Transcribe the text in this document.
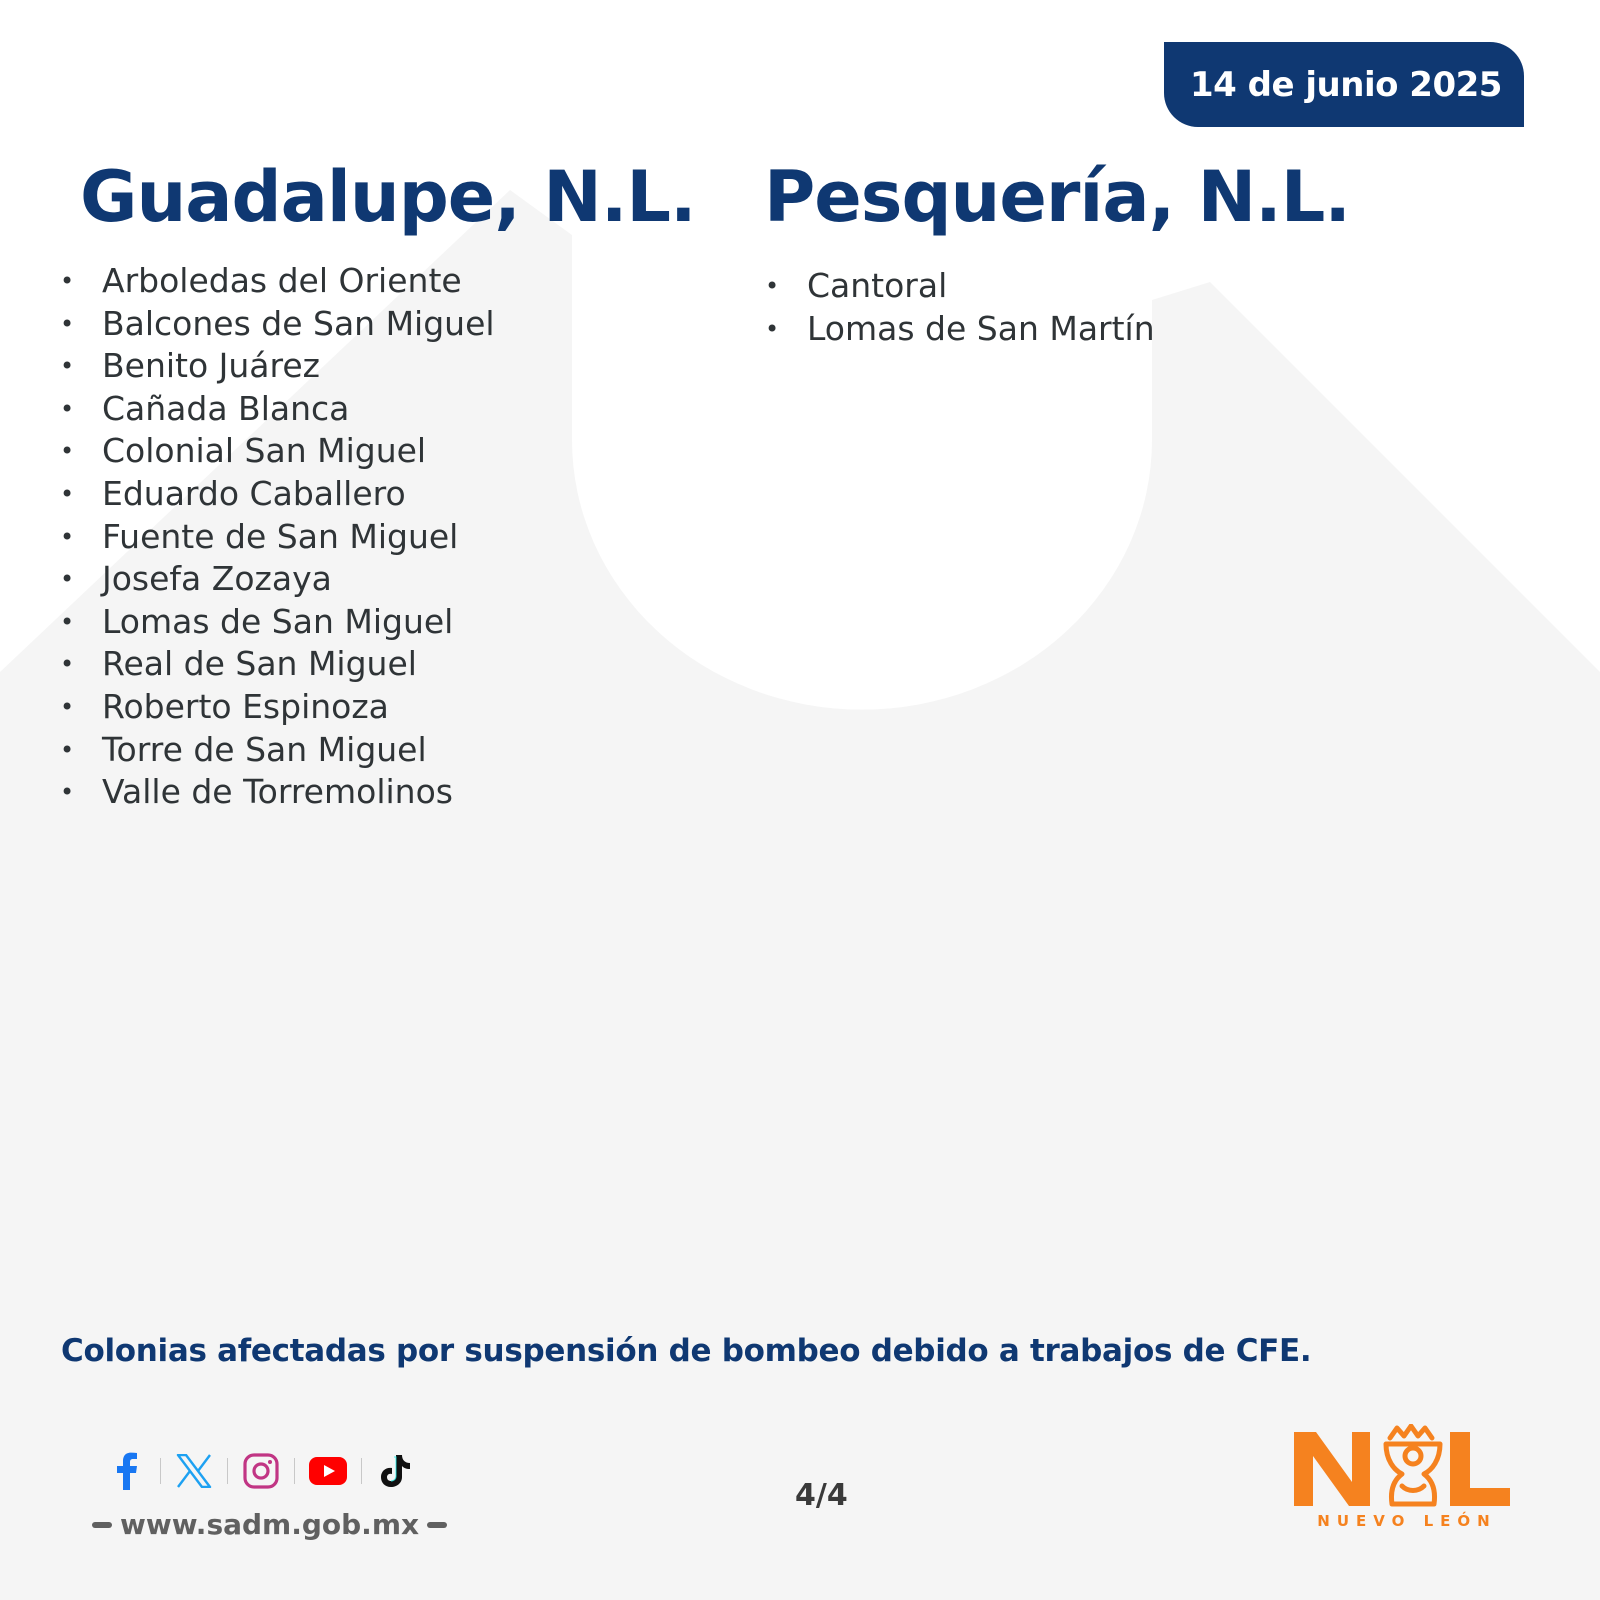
14 de junio 2025
Guadalupe, N.L. Pesquería, N.L.
• Arboledas del Oriente
• Balcones de San Miguel
• Benito Juárez
• Cañada Blanca
• Colonial San Miguel
• Eduardo Caballero
• Fuente de San Miguel
• Josefa Zozaya
• Lomas de San Miguel
• Real de San Miguel
• Roberto Espinoza
• Torre de San Miguel
• Valle de Torremolinos
• Cantoral
• Lomas de San Martín

Colonias afectadas por suspensión de bombeo debido a trabajos de CFE.

www.sadm.gob.mx
4/4
NUEVO LEÓN
